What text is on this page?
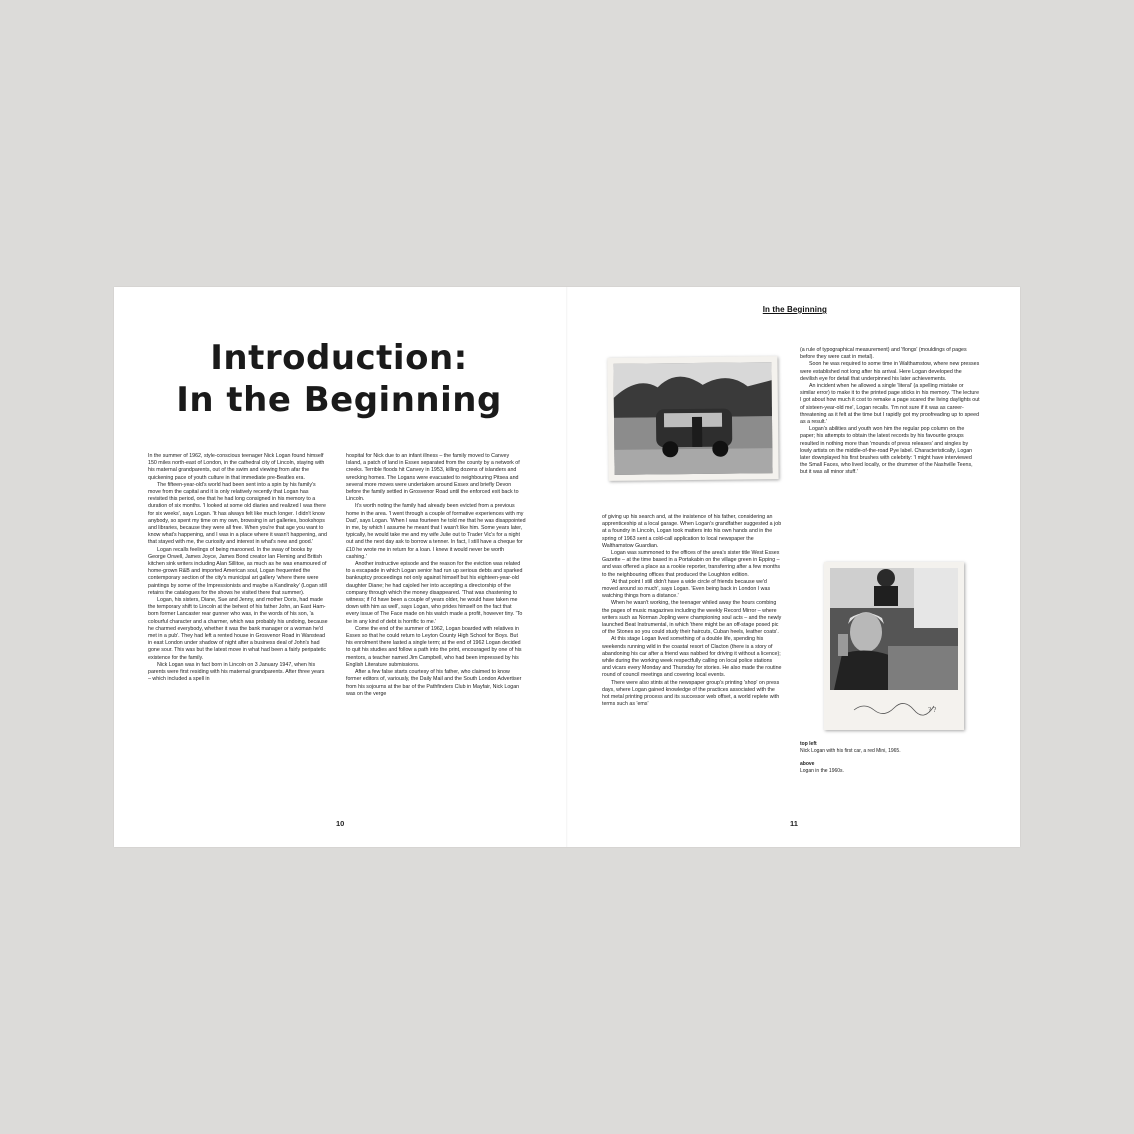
In the Beginning
Introduction:
In the Beginning

In the summer of 1962, style-conscious teenager Nick Logan found himself 150 miles north-east of London, in the cathedral city of Lincoln, staying with his maternal grandparents, out of the swim and viewing from afar the quickening pace of youth culture in that immediate pre-Beatles era.

The fifteen-year-old's world had been sent into a spin by his family's move from the capital and it is only relatively recently that Logan has revisited this period, one that he had long consigned in his memory to a duration of six months. 'I looked at some old diaries and realized I was there for six weeks', says Logan. 'It has always felt like much longer. I didn't know anybody, so spent my time on my own, browsing in art galleries, bookshops and libraries, because they were all free. When you're that age you want to know what's happening, and I was in a place where it wasn't happening, and that stayed with me, the curiosity and interest in what's new and good.'

Logan recalls feelings of being marooned. In the sway of books by George Orwell, James Joyce, James Bond creator Ian Fleming and British kitchen sink writers including Alan Sillitoe, as much as he was enamoured of home-grown R&B and imported American soul, Logan frequented the contemporary section of the city's municipal art gallery 'where there were paintings by some of the Impressionists and maybe a Kandinsky' (Logan still retains the catalogues for the shows he visited there that summer).

Logan, his sisters, Diane, Sue and Jenny, and mother Doris, had made the temporary shift to Lincoln at the behest of his father John, an East Ham-born former Lancaster rear gunner who was, in the words of his son, 'a colourful character and a charmer, which was probably his undoing, because he charmed everybody, whether it was the bank manager or a woman he'd met in a pub'. They had left a rented house in Grosvenor Road in Wanstead in east London under shadow of night after a business deal of John's had gone sour. This was but the latest move in what had been a fairly peripatetic existence for the family.

Nick Logan was in fact born in Lincoln on 3 January 1947, when his parents were first residing with his maternal grandparents. After three years – which included a spell in

hospital for Nick due to an infant illness – the family moved to Canvey Island, a patch of land in Essex separated from the county by a network of creeks. Terrible floods hit Canvey in 1953, killing dozens of islanders and wrecking homes. The Logans were evacuated to neighbouring Pitsea and several more moves were undertaken around Essex and briefly Devon before the family settled in Grosvenor Road until the enforced exit back to Lincoln.

It's worth noting the family had already been evicted from a previous home in the area. 'I went through a couple of formative experiences with my Dad', says Logan. 'When I was fourteen he told me that he was disappointed in me, by which I assume he meant that I wasn't like him. Some years later, typically, he would take me and my wife Julie out to Trader Vic's for a night out and the next day ask to borrow a tenner. In fact, I still have a cheque for £10 he wrote me in return for a loan. I knew it would never be worth cashing.'

Another instructive episode and the reason for the eviction was related to a escapade in which Logan senior had run up serious debts and sparked bankruptcy proceedings not only against himself but his eighteen-year-old daughter Diane; he had cajoled her into accepting a directorship of the company through which the money disappeared. 'That was chastening to witness; if I'd have been a couple of years older, he would have taken me down with him as well', says Logan, who prides himself on the fact that every issue of The Face made on his watch made a profit, however tiny. 'To be in any kind of debt is horrific to me.'

Come the end of the summer of 1962, Logan boarded with relatives in Essex so that he could return to Leyton County High School for Boys. But his enrolment there lasted a single term; at the end of 1962 Logan decided to quit his studies and follow a path into the print, encouraged by one of his mentors, a teacher named Jim Campbell, who had been impressed by his English Literature submissions.

After a few false starts courtesy of his father, who claimed to know former editors of, variously, the Daily Mail and the South London Advertiser from his sojourns at the bar of the Pathfinders Club in Mayfair, Nick Logan was on the verge

of giving up his search and, at the insistence of his father, considering an apprenticeship at a local garage. When Logan's grandfather suggested a job at a foundry in Lincoln, Logan took matters into his own hands and in the spring of 1963 sent a cold-call application to local newspaper the Walthamstow Guardian.

Logan was summoned to the offices of the area's sister title West Essex Gazette – at the time based in a Portakabin on the village green in Epping – and was offered a place as a rookie reporter, transferring after a few months to the neighbouring offices that produced the Loughton edition.

'At that point I still didn't have a wide circle of friends because we'd moved around so much', says Logan. 'Even being back in London I was watching things from a distance.'

When he wasn't working, the teenager whiled away the hours combing the pages of music magazines including the weekly Record Mirror – where writers such as Norman Jopling were championing soul acts – and the newly launched Beat Instrumental, in which 'there might be an off-stage posed pic of the Stones so you could study their haircuts, Cuban heels, leather coats'.

At this stage Logan lived something of a double life, spending his weekends running wild in the coastal resort of Clacton (there is a story of abandoning his car after a friend was nabbed for driving it without a licence); while during the working week respectfully calling on local police stations and vicars every Monday and Thursday for stories. He also made the routine round of council meetings and covering local events.

There were also stints at the newspaper group's printing 'shop' on press days, where Logan gained knowledge of the practices associated with the hot metal printing process and its successor web offset, a world replete with terms such as 'ems'

(a rule of typographical measurement) and 'flongs' (mouldings of pages before they were cast in metal).

Soon he was required to some time in Walthamstow, where new presses were established not long after his arrival. Here Logan developed the devilish eye for detail that underpinned his later achievements.

An incident when he allowed a single 'literal' (a spelling mistake or similar error) to make it to the printed page sticks in his memory. 'The lecture I got about how much it cost to remake a page scared the living daylights out of sixteen-year-old me', Logan recalls. 'I'm not sure if it was as career-threatening as it felt at the time but I rapidly got my proofreading up to speed as a result.'

Logan's abilities and youth won him the regular pop column on the paper; his attempts to obtain the latest records by his favourite groups resulted in nothing more than 'mounds of press releases' and singles by lowly artists on the middle-of-the-road Pye label. Characteristically, Logan later downplayed his first brushes with celebrity: 'I might have interviewed the Small Faces, who lived locally, or the drummer of the Nashville Teens, but it was all minor stuff.'

? ?
top left
Nick Logan with his first car, a red Mini, 1965.
above
Logan in the 1960s.
10	11
